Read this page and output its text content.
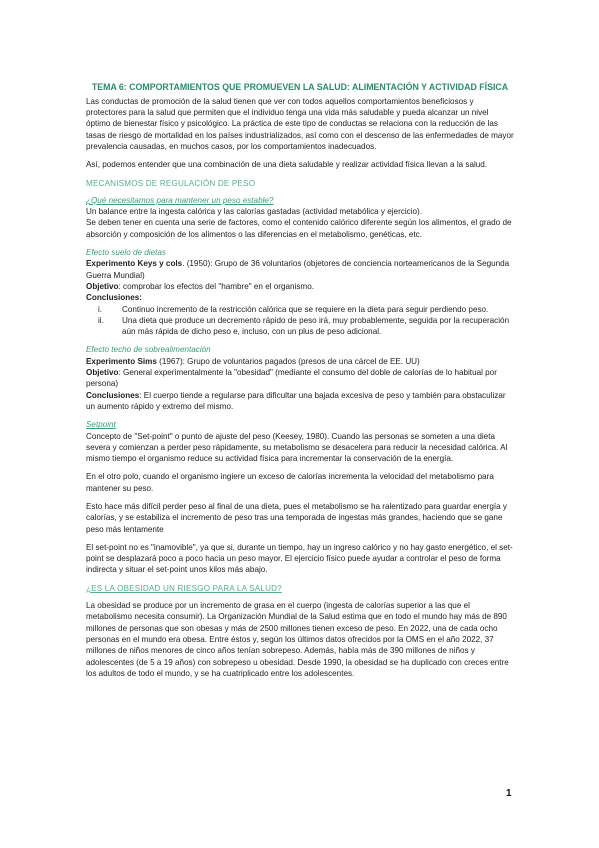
TEMA 6: COMPORTAMIENTOS QUE PROMUEVEN LA SALUD: ALIMENTACIÓN Y ACTIVIDAD FÍSICA

Las conductas de promoción de la salud tienen que ver con todos aquellos comportamientos beneficiosos y protectores para la salud que permiten que el individuo tenga una vida más saludable y pueda alcanzar un nivel óptimo de bienestar físico y psicológico. La práctica de este tipo de conductas se relaciona con la reducción de las tasas de riesgo de mortalidad en los países industrializados, así como con el descenso de las enfermedades de mayor prevalencia causadas, en muchos casos, por los comportamientos inadecuados.

Así, podemos entender que una combinación de una dieta saludable y realizar actividad física llevan a la salud.

MECANISMOS DE REGULACIÓN DE PESO
¿Qué necesitamos para mantener un peso estable?
Un balance entre la ingesta calórica y las calorías gastadas (actividad metabólica y ejercicio).

Se deben tener en cuenta una serie de factores, como el contenido calórico diferente según los alimentos, el grado de absorción y composición de los alimentos o las diferencias en el metabolismo, genéticas, etc.

Efecto suelo de dietas
Experimento Keys y cols. (1950): Grupo de 36 voluntarios (objetores de conciencia norteamericanos de la Segunda Guerra Mundial)
Objetivo: comprobar los efectos del "hambre" en el organismo.
Conclusiones:
i. Continuo incremento de la restricción calórica que se requiere en la dieta para seguir perdiendo peso.
ii. Una dieta que produce un decremento rápido de peso irá, muy probablemente, seguida por la recuperación aún más rápida de dicho peso e, incluso, con un plus de peso adicional.
Efecto techo de sobrealimentación
Experimento Sims (1967): Grupo de voluntarios pagados (presos de una cárcel de EE. UU)
Objetivo: General experimentalmente la "obesidad" (mediante el consumo del doble de calorías de lo habitual por persona)

Conclusiones: El cuerpo tiende a regularse para dificultar una bajada excesiva de peso y también para obstaculizar un aumento rápido y extremo del mismo.

Setpoint

Concepto de "Set-point" o punto de ajuste del peso (Keesey, 1980). Cuando las personas se someten a una dieta severa y comienzan a perder peso rápidamente, su metabolismo se desacelera para reducir la necesidad calórica. Al mismo tiempo el organismo reduce su actividad física para incrementar la conservación de la energía.

En el otro polo, cuando el organismo ingiere un exceso de calorías incrementa la velocidad del metabolismo para mantener su peso.

Esto hace más difícil perder peso al final de una dieta, pues el metabolismo se ha ralentizado para guardar energía y calorías, y se estabiliza el incremento de peso tras una temporada de ingestas más grandes, haciendo que se gane peso más lentamente

El set-point no es "inamovible", ya que si, durante un tiempo, hay un ingreso calórico y no hay gasto energético, el set-point se desplazará poco a poco hacia un peso mayor. El ejercicio físico puede ayudar a controlar el peso de forma indirecta y situar el set-point unos kilos más abajo.

¿ES LA OBESIDAD UN RIESGO PARA LA SALUD?

La obesidad se produce por un incremento de grasa en el cuerpo (ingesta de calorías superior a las que el metabolismo necesita consumir). La Organización Mundial de la Salud estima que en todo el mundo hay más de 890 millones de personas que son obesas y más de 2500 millones tienen exceso de peso. En 2022, una de cada ocho personas en el mundo era obesa. Entre éstos y, según los últimos datos ofrecidos por la OMS en el año 2022, 37 millones de niños menores de cinco años tenían sobrepeso. Además, había más de 390 millones de niños y adolescentes (de 5 a 19 años) con sobrepeso u obesidad. Desde 1990, la obesidad se ha duplicado con creces entre los adultos de todo el mundo, y se ha cuatriplicado entre los adolescentes.

1
